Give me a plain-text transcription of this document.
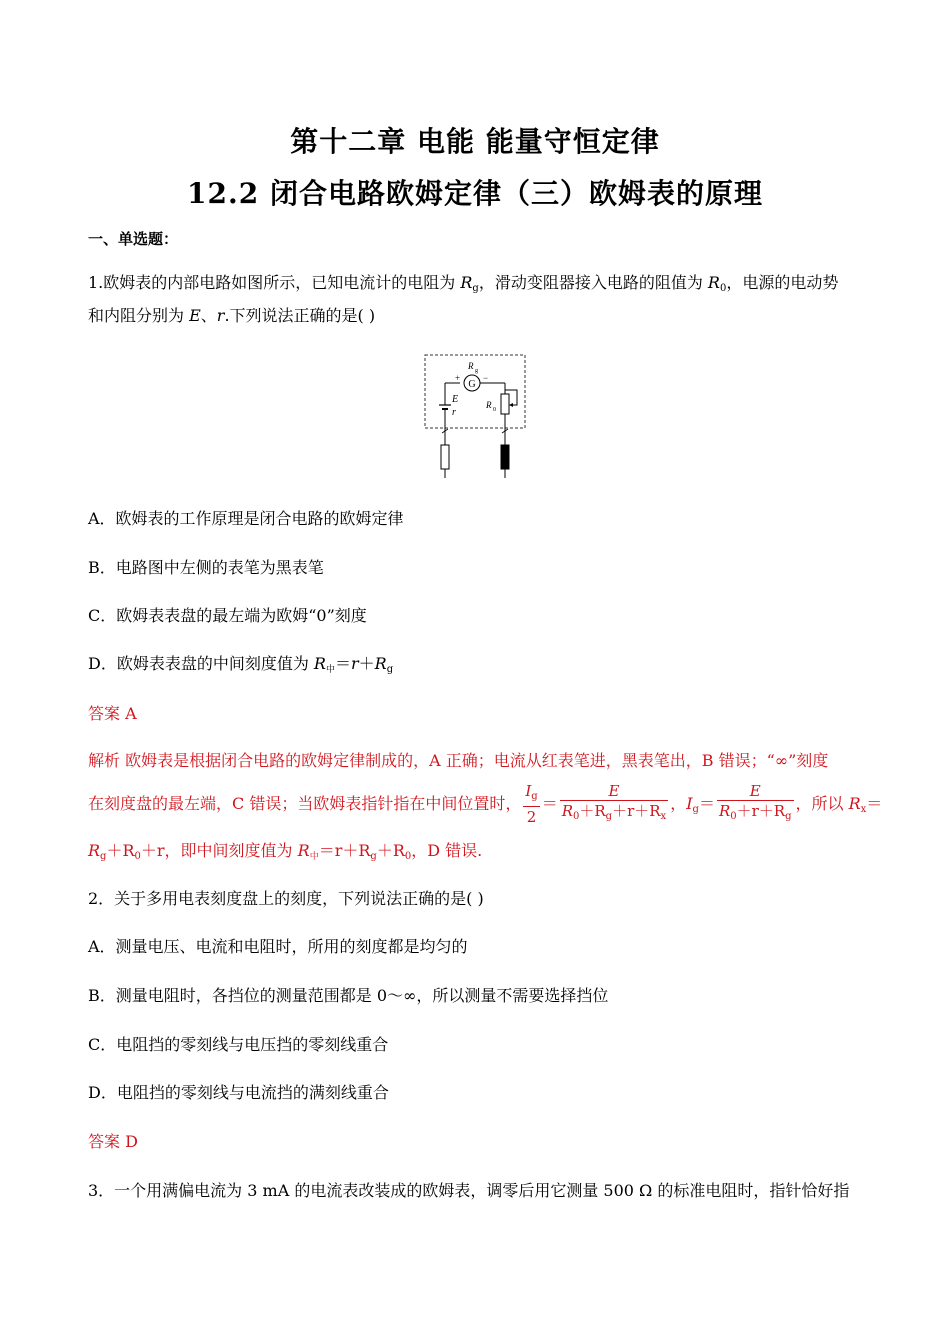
第十二章 电能 能量守恒定律
12.2 闭合电路欧姆定律（三）欧姆表的原理
一、单选题：
1.欧姆表的内部电路如图所示，已知电流计的电阻为 $R_g$，滑动变阻器接入电路的阻值为 $R_0$，电源的电动势
和内阻分别为 E、r.下列说法正确的是( )
G
R g
+	−
E
r
R 0
A．欧姆表的工作原理是闭合电路的欧姆定律
B．电路图中左侧的表笔为黑表笔
C．欧姆表表盘的最左端为欧姆“0”刻度
D．欧姆表表盘的中间刻度值为 R中$=r+R_g$
答案 A
解析 欧姆表是根据闭合电路的欧姆定律制成的，A 正确；电流从红表笔进，黑表笔出，B 错误；“∞”刻度
在刻度盘的最左端，C 错误；当欧姆表指针指在中间位置时， $\frac{I_g}{2} = \frac{E}{R_0+R_g+r+R_x}$ ，$I_g= \frac{E}{R_0+r+R_g}$ ，所以 $R_x=$
$R_g+R_0+r$，即中间刻度值为 R中$=r+R_g+R_0$，D 错误.
2．关于多用电表刻度盘上的刻度，下列说法正确的是( )
A．测量电压、电流和电阻时，所用的刻度都是均匀的
B．测量电阻时，各挡位的测量范围都是 0～∞，所以测量不需要选择挡位
C．电阻挡的零刻线与电压挡的零刻线重合
D．电阻挡的零刻线与电流挡的满刻线重合
答案 D
3．一个用满偏电流为 3 mA 的电流表改装成的欧姆表，调零后用它测量 500 Ω 的标准电阻时，指针恰好指
